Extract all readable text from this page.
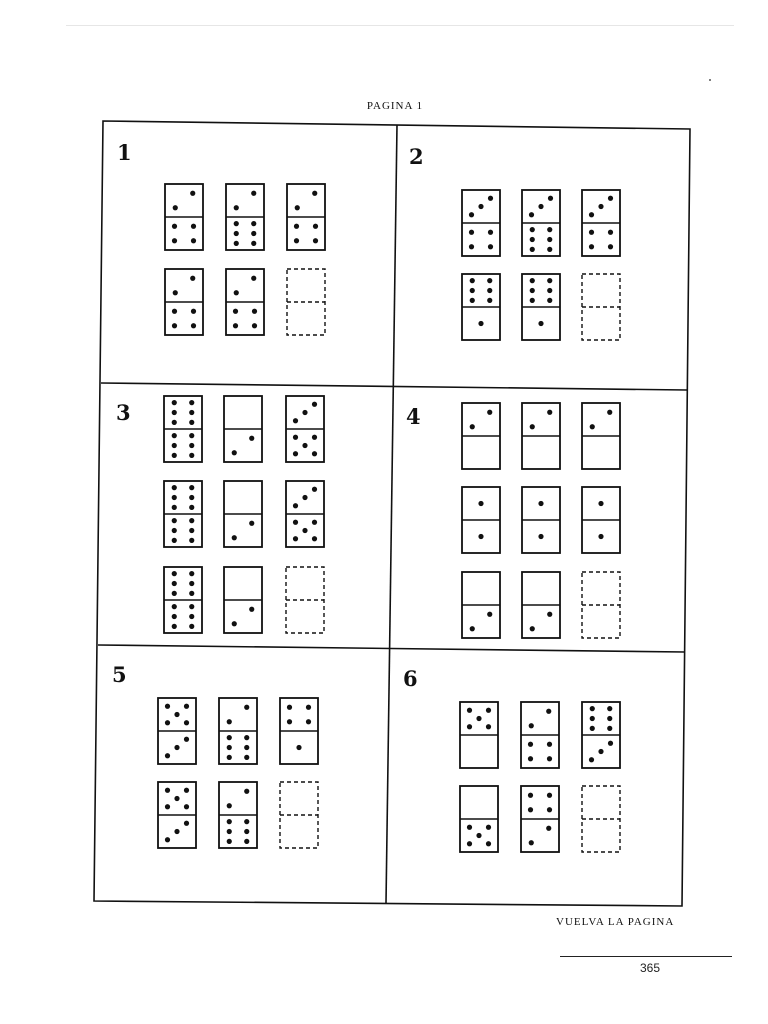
PAGINA 1
1	2
3	4
5	6
VUELVA LA PAGINA
365
